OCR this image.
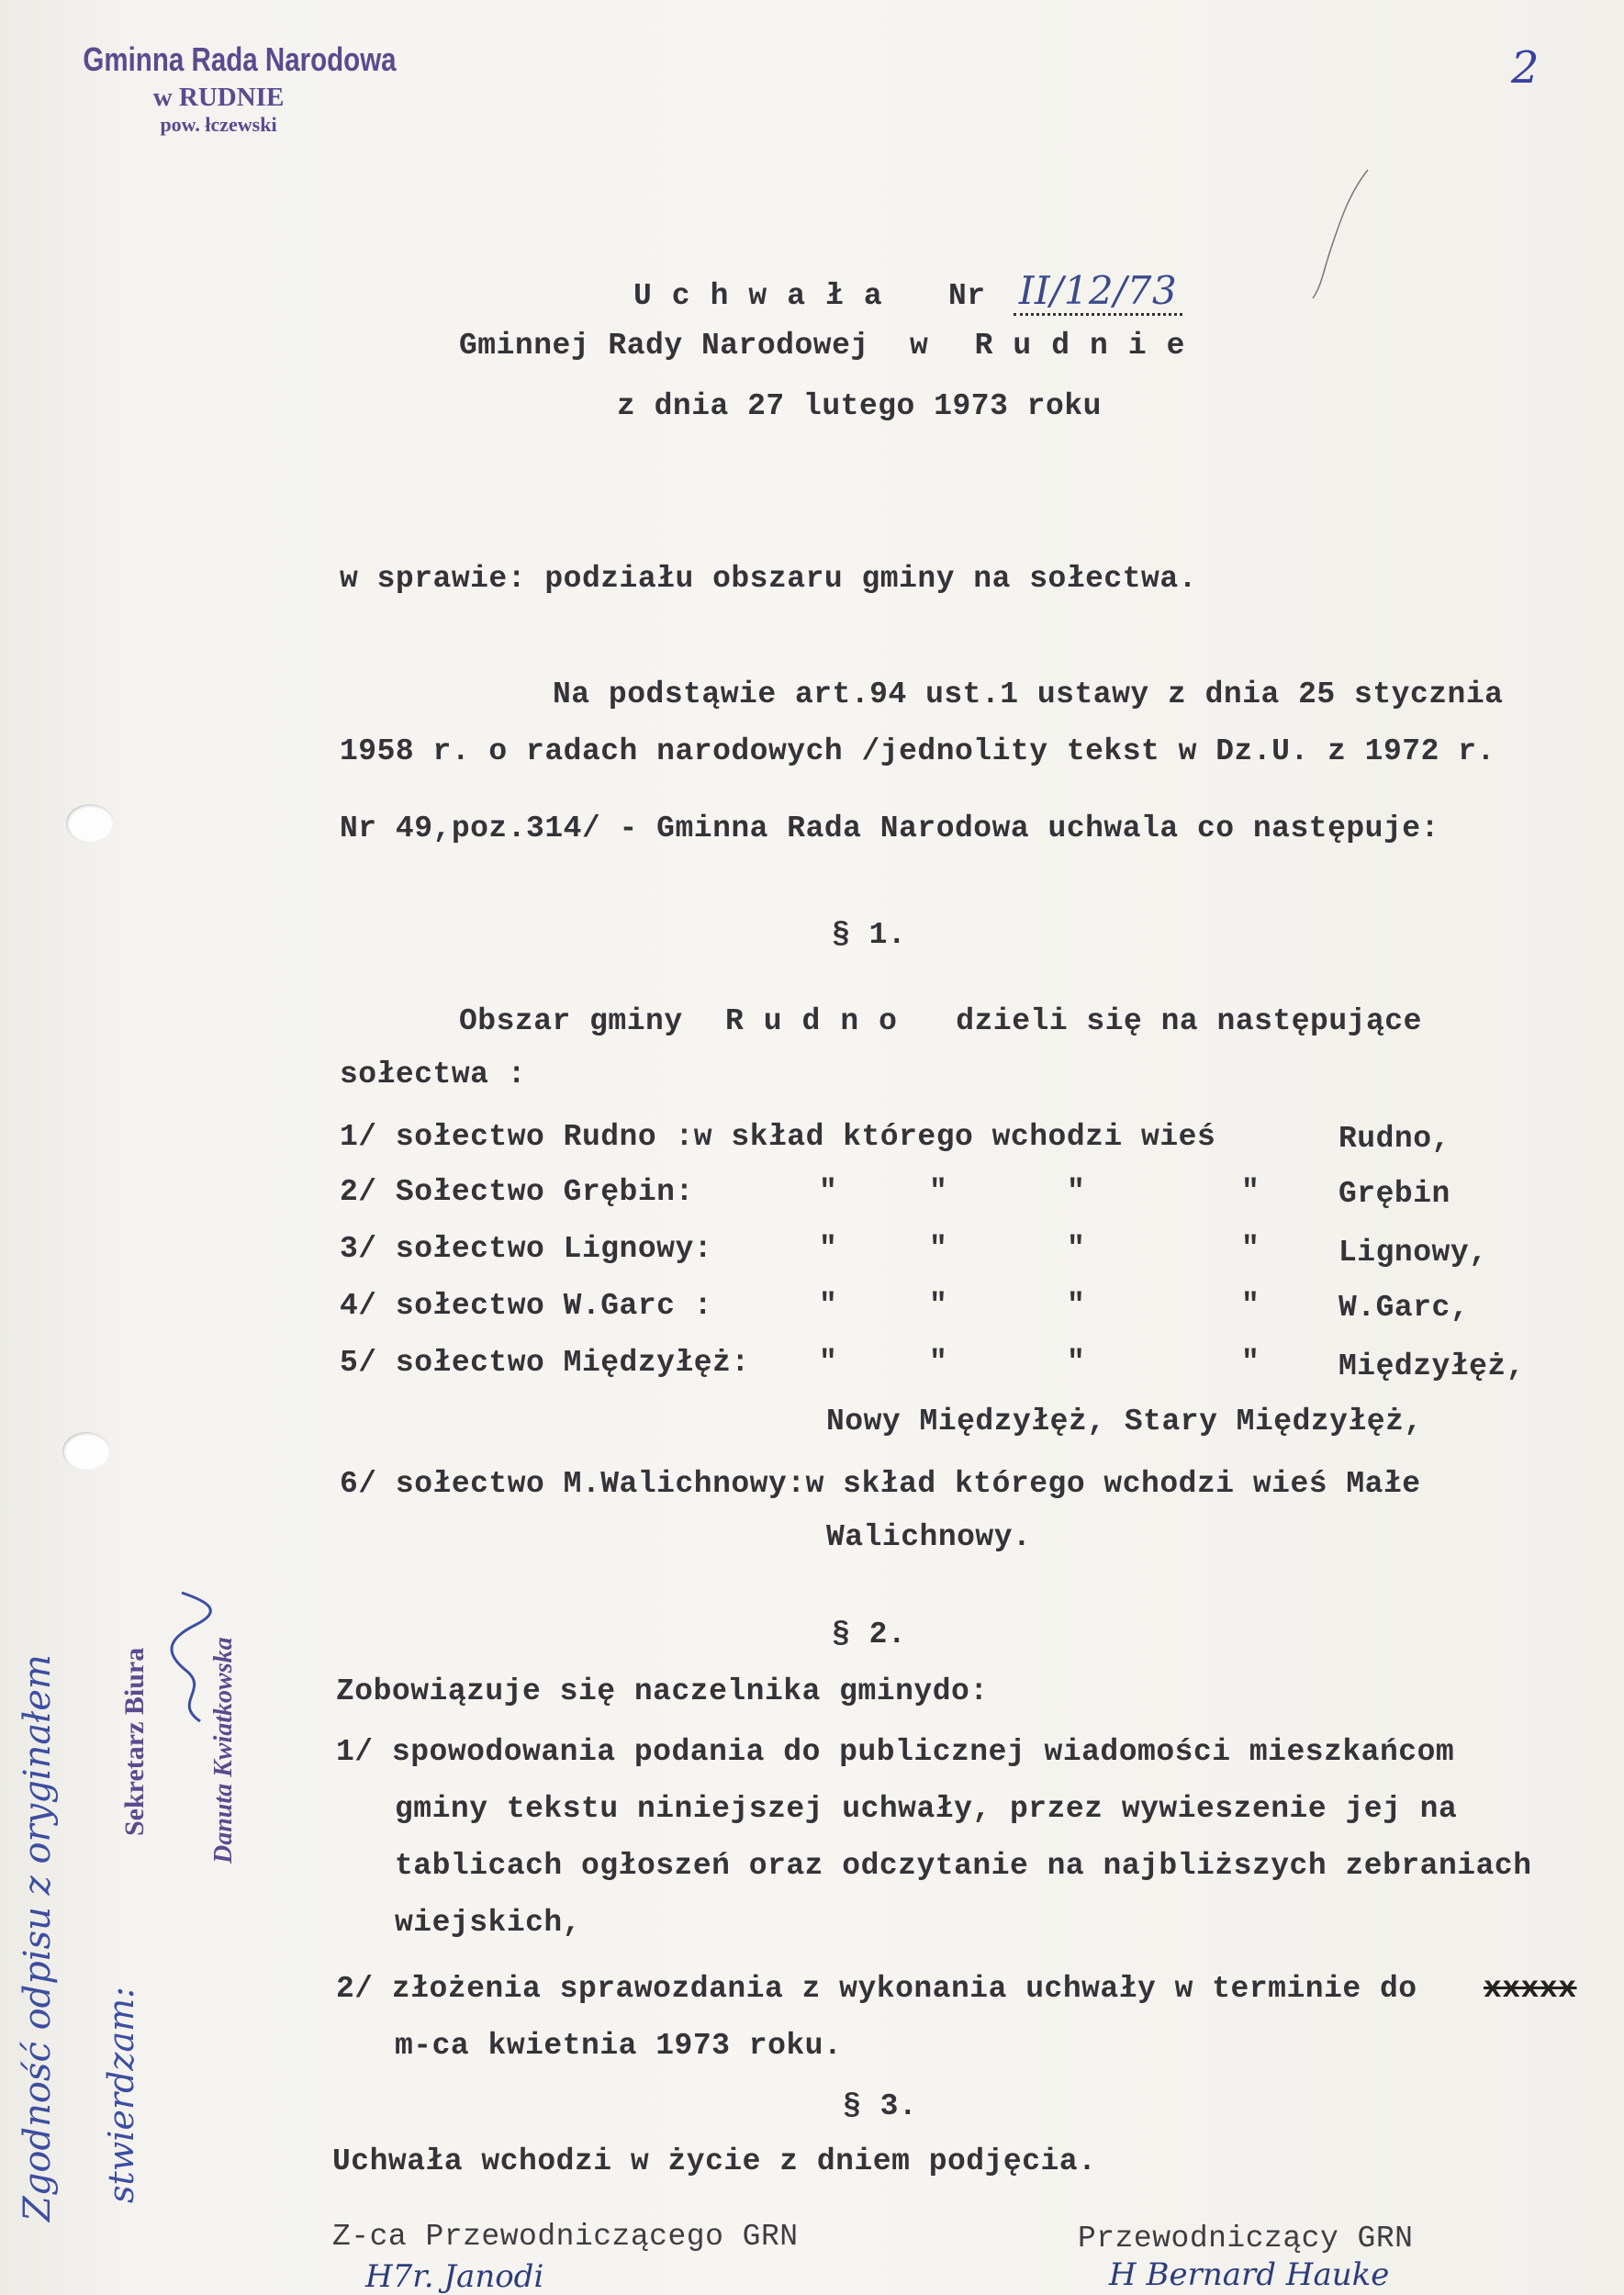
Gminna Rada Narodowa
w RUDNIE
pow. łczewski
2
Uchwała Nr II/12/73
Gminnej Rady Narodowej w Rudnie
z dnia 27 lutego 1973 roku
w sprawie: podziału obszaru gminy na sołectwa.
Na podstąwie art.94 ust.1 ustawy z dnia 25 stycznia
1958 r. o radach narodowych /jednolity tekst w Dz.U. z 1972 r.
Nr 49,poz.314/ - Gminna Rada Narodowa uchwala co następuje:
§ 1.
Obszar gminy Rudno dzieli się na następujące
sołectwa :
1/ sołectwo Rudno :w skład którego wchodzi wieś	Rudno,
2/ Sołectwo Grębin:	"	"	"	"	Grębin
3/ sołectwo Lignowy:	"	"	"	"	Lignowy,
4/ sołectwo W.Garc :	"	"	"	"	W.Garc,
5/ sołectwo Międzyłęż: "	"	"	"	Międzyłęż,
Nowy Międzyłęż, Stary Międzyłęż,
6/ sołectwo M.Walichnowy:w skład którego wchodzi wieś Małe
Walichnowy.
§ 2.
Zobowiązuje się naczelnika gminydo:
1/ spowodowania podania do publicznej wiadomości mieszkańcom
gminy tekstu niniejszej uchwały, przez wywieszenie jej na
tablicach ogłoszeń oraz odczytanie na najbliższych zebraniach
wiejskich,
2/ złożenia sprawozdania z wykonania uchwały w terminie do xxxxx
m-ca kwietnia 1973 roku.
§ 3.
Uchwała wchodzi w życie z dniem podjęcia.
Z-ca Przewodniczącego GRN
H7r. Janodi
Przewodniczący GRN
H Bernard Hauke
Zgodność odpisu z oryginałem stwierdzam:
Sekretarz Biura Danuta Kwiatkowska
